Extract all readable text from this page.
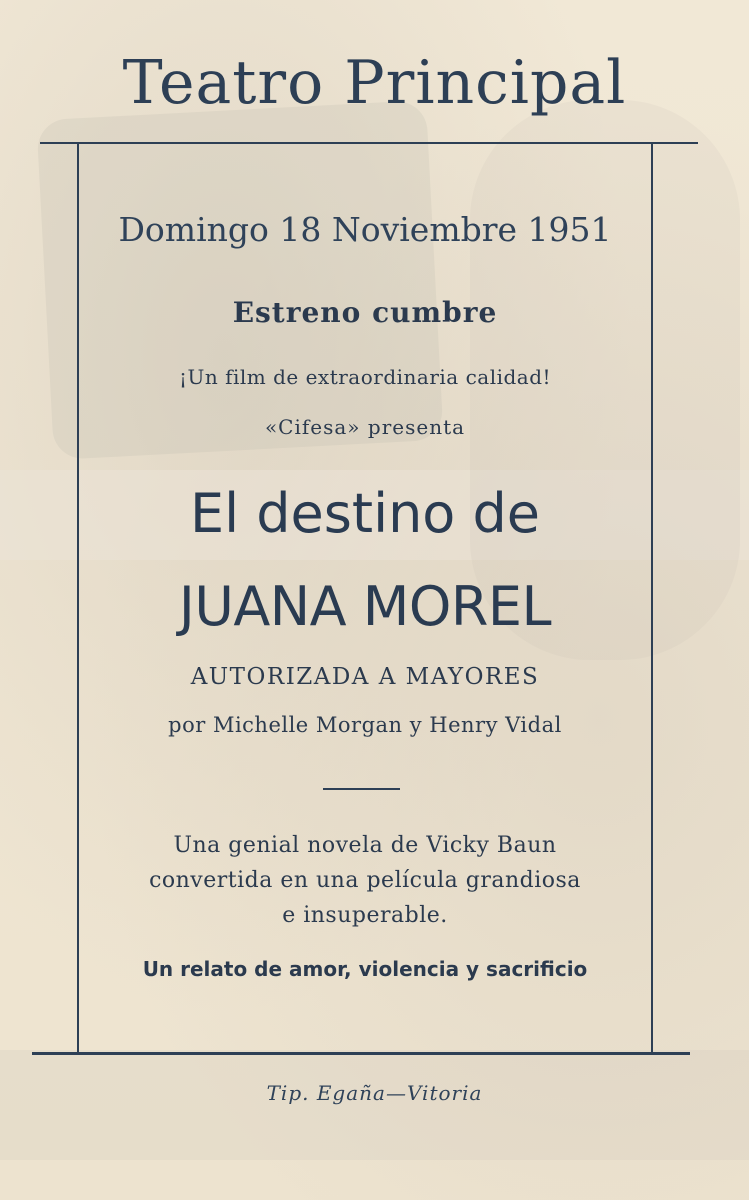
Teatro Principal

Domingo 18 Noviembre 1951

Estreno cumbre

¡Un film de extraordinaria calidad!

«Cifesa» presenta

El destino de

JUANA MOREL

AUTORIZADA A MAYORES

por Michelle Morgan y Henry Vidal

Una genial novela de Vicky Baun
convertida en una película grandiosa
e insuperable.

Un relato de amor, violencia y sacrificio

Tip. Egaña—Vitoria
